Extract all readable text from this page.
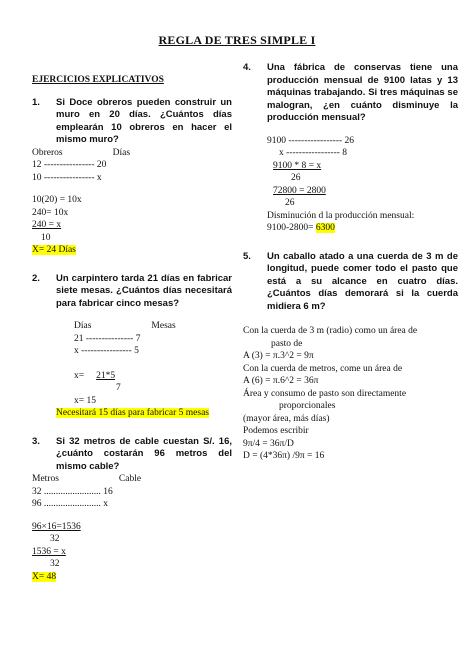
REGLA DE TRES SIMPLE I
EJERCICIOS EXPLICATIVOS
1. Si Doce obreros pueden construir un muro en 20 días. ¿Cuántos días emplearán 10 obreros en hacer el mismo muro?
Obreros	Días
12 ---------------- 20
10 ---------------- x
10(20) = 10x
240= 10x
240 = x
10
X= 24 Días
2. Un carpintero tarda 21 días en fabricar siete mesas. ¿Cuántos días necesitará para fabricar cinco mesas?
Días	Mesas
21 --------------- 7
x ---------------- 5
x= 21*5
7
x= 15
Necesitará 15 días para fabricar 5 mesas
3. Si 32 metros de cable cuestan S/. 16, ¿cuánto costarán 96 metros del mismo cable?
Metros	Cable
32 ........................ 16
96 ........................ x
96×16=1536
32
1536 = x
32
X= 48
4. Una fábrica de conservas tiene una producción mensual de 9100 latas y 13 máquinas trabajando. Si tres máquinas se malogran, ¿en cuánto disminuye la producción mensual?
9100 ----------------- 26
x ----------------- 8
9100 * 8 = x
26
72800 = 2800
26
Disminución d la producción mensual:
9100-2800= 6300
5. Un caballo atado a una cuerda de 3 m de longitud, puede comer todo el pasto que está a su alcance en cuatro días. ¿Cuántos días demorará si la cuerda midiera 6 m?
Con la cuerda de 3 m (radio) como un área de
pasto de
A (3) = π.3^2 = 9π
Con la cuerda de metros, come un área de
A (6) = π.6^2 = 36π
Área y consumo de pasto son directamente
proporcionales
(mayor área, más días)
Podemos escribir
9π/4 = 36π/D
D = (4*36π) /9π = 16
